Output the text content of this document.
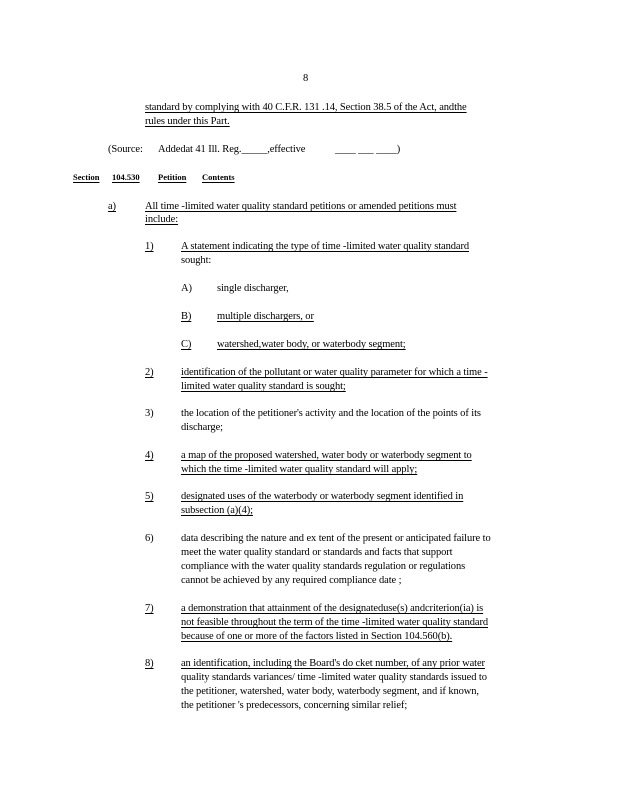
8
standard by complying with 40 C.F.R. 131 .14, Section 38.5 of the Act, andthe
rules under this Part.
(Source: Addedat 41 Ill. Reg._____,effective	____ ___ ____)
Section 104.530 Petition Contents
a)	All time -limited water quality standard petitions or amended petitions must
include:
1)	A statement indicating the type of time -limited water quality standard
sought:
A) single discharger,
B) multiple dischargers, or
C) watershed,water body, or waterbody segment;
2)	identification of the pollutant or water quality parameter for which a time -
limited water quality standard is sought;
3)	the location of the petitioner's activity and the location of the points of its
discharge;
4)	a map of the proposed watershed, water body or waterbody segment to
which the time -limited water quality standard will apply;
5)	designated uses of the waterbody or waterbody segment identified in
subsection (a)(4);
6)	data describing the nature and ex tent of the present or anticipated failure to
meet the water quality standard or standards and facts that support
compliance with the water quality standards regulation or regulations
cannot be achieved by any required compliance date ;
7)	a demonstration that attainment of the designateduse(s) andcriterion(ia) is
not feasible throughout the term of the time -limited water quality standard
because of one or more of the factors listed in Section 104.560(b).
8)	an identification, including the Board's do cket number, of any prior water
quality standards variances/ time -limited water quality standards issued to
the petitioner, watershed, water body, waterbody segment, and if known,
the petitioner 's predecessors, concerning similar relief;
